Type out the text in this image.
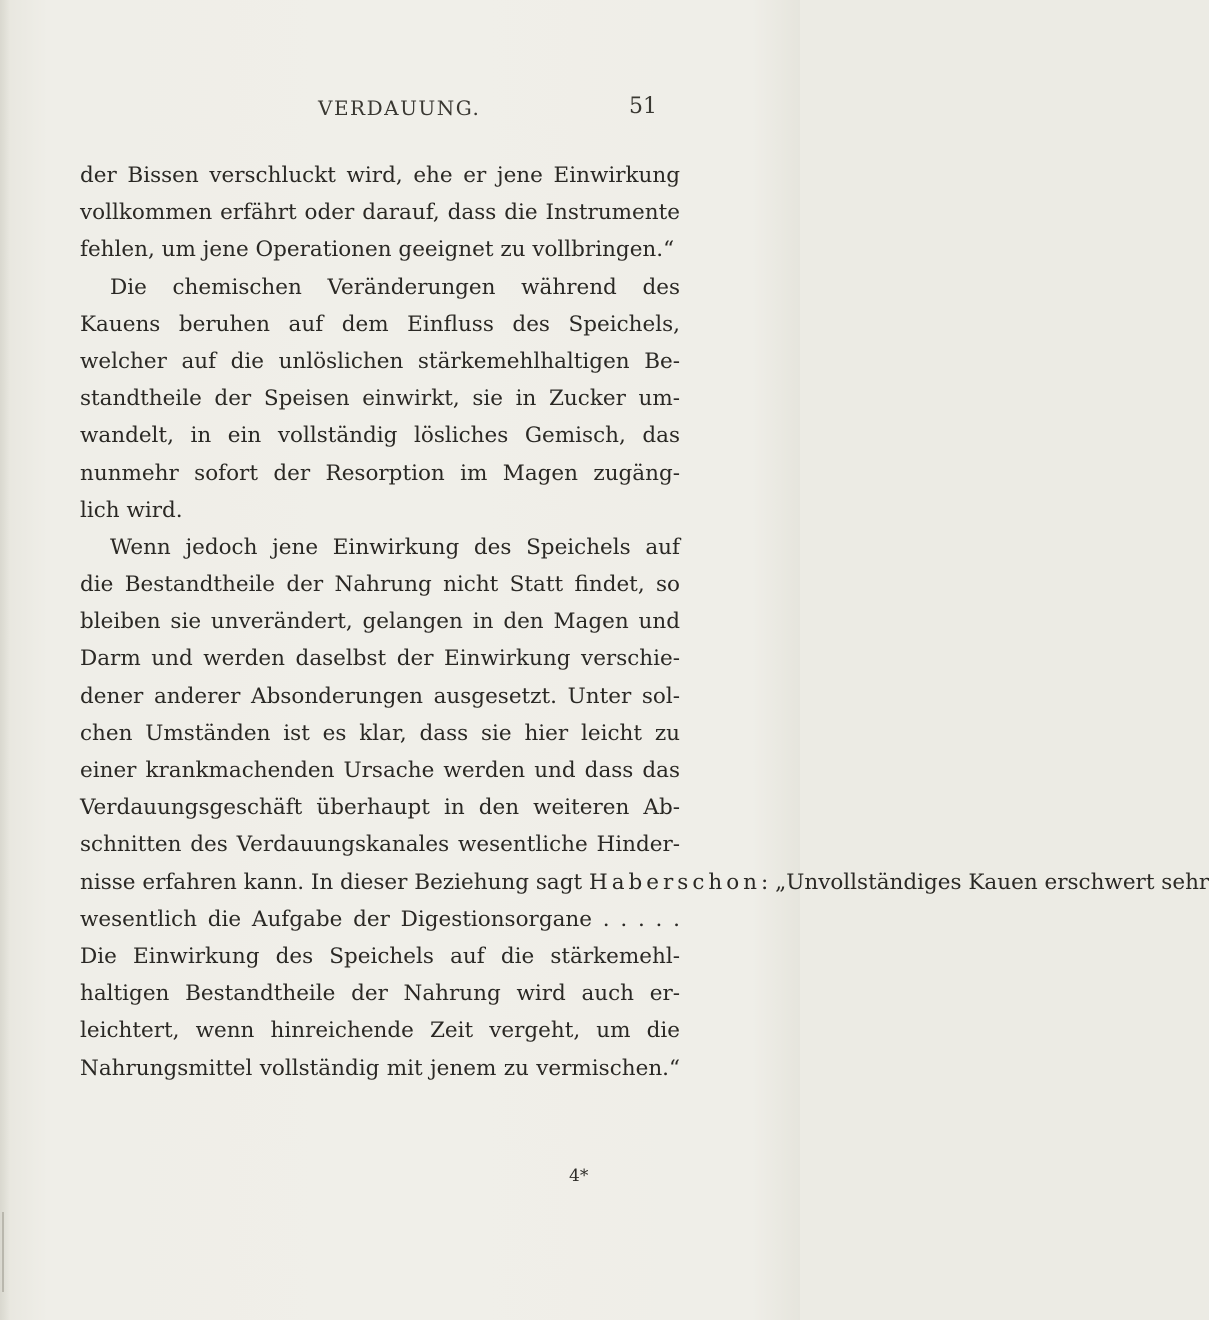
VERDAUUNG.	51
der Bissen verschluckt wird, ehe er jene Einwirkung
vollkommen erfährt oder darauf, dass die Instrumente
fehlen, um jene Operationen geeignet zu vollbringen.“
Die chemischen Veränderungen während des
Kauens beruhen auf dem Einfluss des Speichels,
welcher auf die unlöslichen stärkemehlhaltigen Be-
standtheile der Speisen einwirkt, sie in Zucker um-
wandelt, in ein vollständig lösliches Gemisch, das
nunmehr sofort der Resorption im Magen zugäng-
lich wird.
Wenn jedoch jene Einwirkung des Speichels auf
die Bestandtheile der Nahrung nicht Statt findet, so
bleiben sie unverändert, gelangen in den Magen und
Darm und werden daselbst der Einwirkung verschie-
dener anderer Absonderungen ausgesetzt. Unter sol-
chen Umständen ist es klar, dass sie hier leicht zu
einer krankmachenden Ursache werden und dass das
Verdauungsgeschäft überhaupt in den weiteren Ab-
schnitten des Verdauungskanales wesentliche Hinder-
nisse erfahren kann. In dieser Beziehung sagt Haberschon: „Unvollständiges Kauen erschwert sehr
wesentlich die Aufgabe der Digestionsorgane . . . . .
Die Einwirkung des Speichels auf die stärkemehl-
haltigen Bestandtheile der Nahrung wird auch er-
leichtert, wenn hinreichende Zeit vergeht, um die
Nahrungsmittel vollständig mit jenem zu vermischen.“
4*
